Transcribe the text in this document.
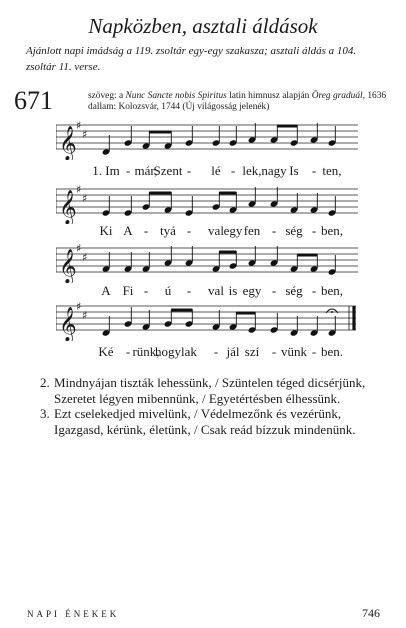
Napközben, asztali áldások
Ajánlott napi imádság a 119. zsoltár egy-egy szakasza; asztali áldás a 104. zsoltár 11. verse.
671	szöveg: a Nunc Sancte nobis Spiritus latin himnusz alapján Öreg graduál, 1636
dallam: Kolozsvár, 1744 (Új világosság jelenék)
𝄞
♯
♯
1. Im - már,
Szent - lé - lek, nagy Is - ten,
𝄞
♯
♯
Ki A - tyá - val egy fen - ség - ben,
𝄞
♯
♯
A Fi - ú - val is egy - ség - ben,
𝄞
♯
♯
Ké - rünk,
hogy lak - jál szí - vünk - ben.
2. Mindnyájan tiszták lehessünk, / Szüntelen téged dicsérjünk,
Szeretet légyen mibennünk, / Egyetértésben élhessünk.
3. Ezt cselekedjed mivelünk, / Védelmezőnk és vezérünk,
Igazgasd, kérünk, életünk, / Csak reád bízzuk mindenünk.
NAPI ÉNEKEK	746
